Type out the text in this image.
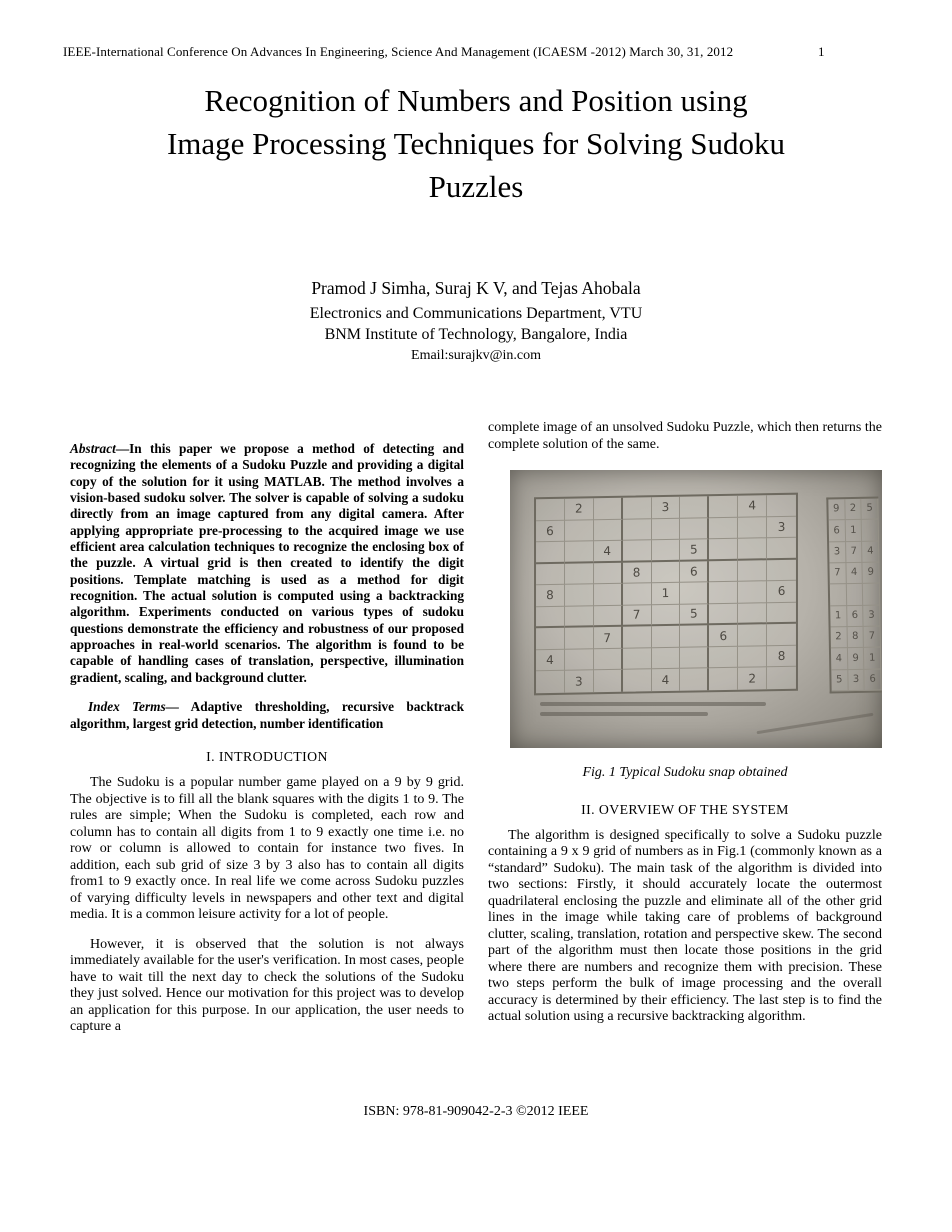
IEEE-International Conference On Advances In Engineering, Science And Management (ICAESM -2012) March 30, 31, 2012	1
Recognition of Numbers and Position using
Image Processing Techniques for Solving Sudoku
Puzzles
Pramod J Simha, Suraj K V, and Tejas Ahobala
Electronics and Communications Department, VTU
BNM Institute of Technology, Bangalore, India
Email:surajkv@in.com

Abstract—In this paper we propose a method of detecting and recognizing the elements of a Sudoku Puzzle and providing a digital copy of the solution for it using MATLAB. The method involves a vision-based sudoku solver. The solver is capable of solving a sudoku directly from an image captured from any digital camera. After applying appropriate pre-processing to the acquired image we use efficient area calculation techniques to recognize the enclosing box of the puzzle. A virtual grid is then created to identify the digit positions. Template matching is used as a method for digit recognition. The actual solution is computed using a backtracking algorithm. Experiments conducted on various types of sudoku questions demonstrate the efficiency and robustness of our proposed approaches in real-world scenarios. The algorithm is found to be capable of handling cases of translation, perspective, illumination gradient, scaling, and background clutter.

Index Terms— Adaptive thresholding, recursive backtrack algorithm, largest grid detection, number identification

I. INTRODUCTION

The Sudoku is a popular number game played on a 9 by 9 grid. The objective is to fill all the blank squares with the digits 1 to 9. The rules are simple; When the Sudoku is completed, each row and column has to contain all digits from 1 to 9 exactly one time i.e. no row or column is allowed to contain for instance two fives. In addition, each sub grid of size 3 by 3 also has to contain all digits from1 to 9 exactly once. In real life we come across Sudoku puzzles of varying difficulty levels in newspapers and other text and digital media. It is a common leisure activity for a lot of people.

However, it is observed that the solution is not always immediately available for the user's verification. In most cases, people have to wait till the next day to check the solutions of the Sudoku they just solved. Hence our motivation for this project was to develop an application for this purpose. In our application, the user needs to capture a

complete image of an unsolved Sudoku Puzzle, which then returns the complete solution of the same.

2	3	4
6	3
4	5
8	6
8	1	6
7	5
7	6
4	8
3	4	2
9	2	5
6	1
3	7	4
7	4	9
1	6	3
2	8	7
4	9	1
5	3	6

Fig. 1 Typical Sudoku snap obtained

II. OVERVIEW OF THE SYSTEM

The algorithm is designed specifically to solve a Sudoku puzzle containing a 9 x 9 grid of numbers as in Fig.1 (commonly known as a “standard” Sudoku). The main task of the algorithm is divided into two sections: Firstly, it should accurately locate the outermost quadrilateral enclosing the puzzle and eliminate all of the other grid lines in the image while taking care of problems of background clutter, scaling, translation, rotation and perspective skew. The second part of the algorithm must then locate those positions in the grid where there are numbers and recognize them with precision. These two steps perform the bulk of image processing and the overall accuracy is determined by their efficiency. The last step is to find the actual solution using a recursive backtracking algorithm.

ISBN: 978-81-909042-2-3 ©2012 IEEE
